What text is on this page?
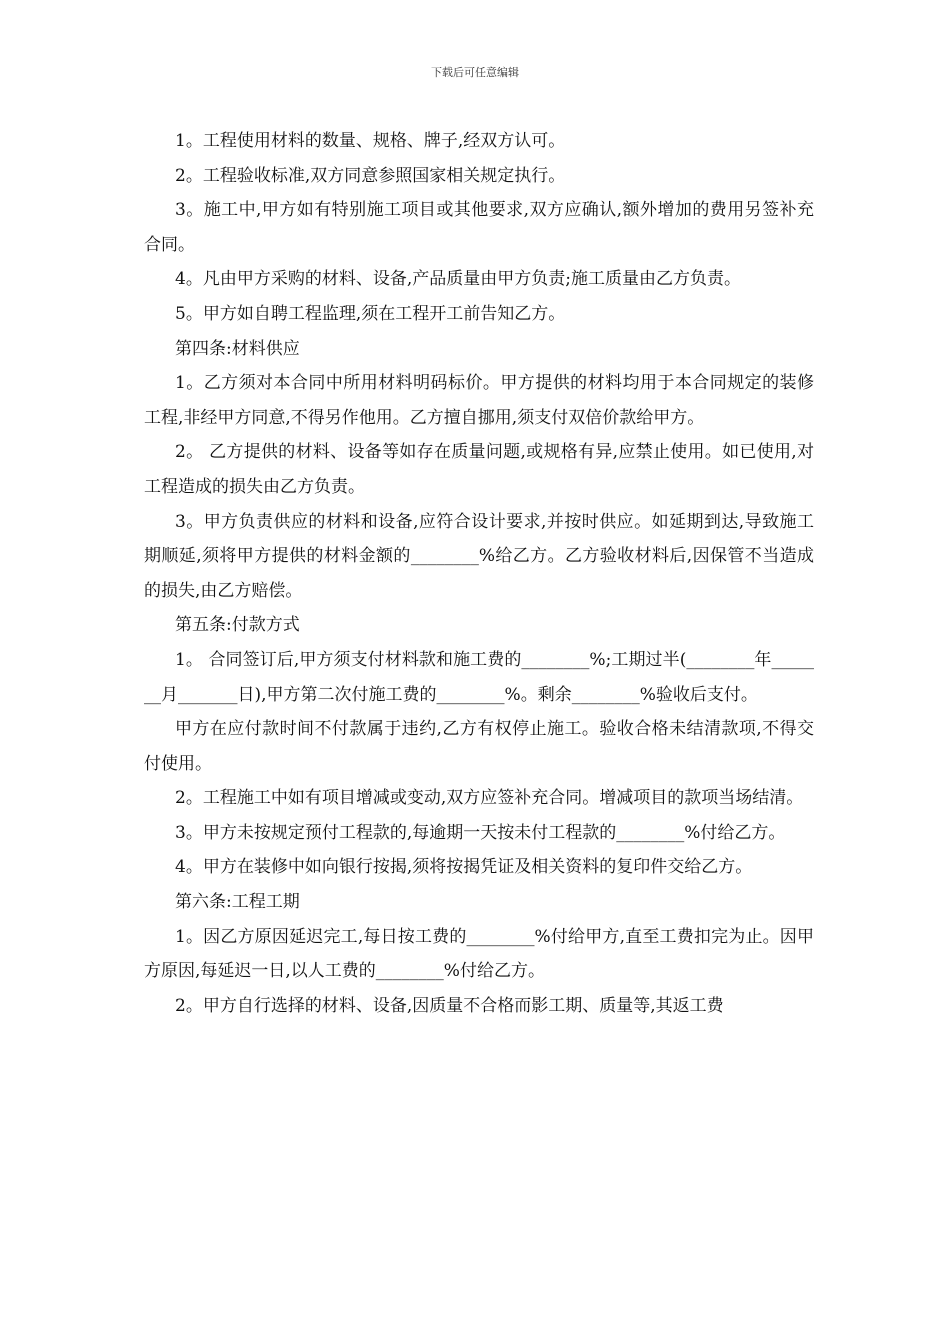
下载后可任意编辑

1。工程使用材料的数量、规格、牌子,经双方认可。

2。工程验收标准,双方同意参照国家相关规定执行。

3。施工中,甲方如有特别施工项目或其他要求,双方应确认,额外增加的费用另签补充合同。

4。凡由甲方采购的材料、设备,产品质量由甲方负责;施工质量由乙方负责。

5。甲方如自聘工程监理,须在工程开工前告知乙方。

第四条:材料供应

1。乙方须对本合同中所用材料明码标价。甲方提供的材料均用于本合同规定的装修工程,非经甲方同意,不得另作他用。乙方擅自挪用,须支付双倍价款给甲方。

2。 乙方提供的材料、设备等如存在质量问题,或规格有异,应禁止使用。如已使用,对工程造成的损失由乙方负责。

3。甲方负责供应的材料和设备,应符合设计要求,并按时供应。如延期到达,导致施工期顺延,须将甲方提供的材料金额的________%给乙方。乙方验收材料后,因保管不当造成的损失,由乙方赔偿。

第五条:付款方式

1。 合同签订后,甲方须支付材料款和施工费的________%;工期过半(________年_______月_______日),甲方第二次付施工费的________%。剩余________%验收后支付。

甲方在应付款时间不付款属于违约,乙方有权停止施工。验收合格未结清款项,不得交付使用。

2。工程施工中如有项目增减或变动,双方应签补充合同。增减项目的款项当场结清。

3。甲方未按规定预付工程款的,每逾期一天按未付工程款的________%付给乙方。

4。甲方在装修中如向银行按揭,须将按揭凭证及相关资料的复印件交给乙方。

第六条:工程工期

1。因乙方原因延迟完工,每日按工费的________%付给甲方,直至工费扣完为止。因甲方原因,每延迟一日,以人工费的________%付给乙方。

2。甲方自行选择的材料、设备,因质量不合格而影工期、质量等,其返工费
